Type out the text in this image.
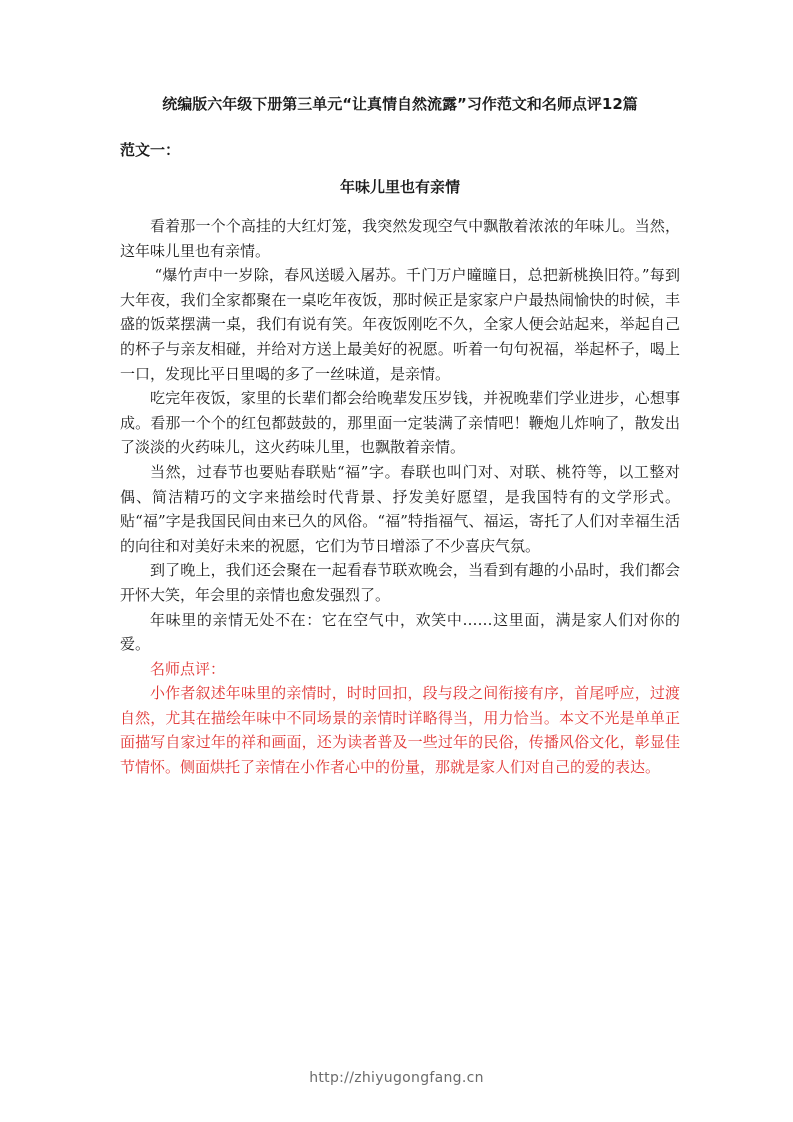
统编版六年级下册第三单元“让真情自然流露”习作范文和名师点评12篇
范文一：
年味儿里也有亲情

看着那一个个高挂的大红灯笼，我突然发现空气中飘散着浓浓的年味儿。当然，这年味儿里也有亲情。

“爆竹声中一岁除，春风送暖入屠苏。千门万户曈曈日，总把新桃换旧符。”每到大年夜，我们全家都聚在一桌吃年夜饭，那时候正是家家户户最热闹愉快的时候，丰盛的饭菜摆满一桌，我们有说有笑。年夜饭刚吃不久，全家人便会站起来，举起自己的杯子与亲友相碰，并给对方送上最美好的祝愿。听着一句句祝福，举起杯子，喝上一口，发现比平日里喝的多了一丝味道，是亲情。

吃完年夜饭，家里的长辈们都会给晚辈发压岁钱，并祝晚辈们学业进步，心想事成。看那一个个的红包都鼓鼓的，那里面一定装满了亲情吧！鞭炮儿炸响了，散发出了淡淡的火药味儿，这火药味儿里，也飘散着亲情。

当然，过春节也要贴春联贴“福”字。春联也叫门对、对联、桃符等，以工整对偶、简洁精巧的文字来描绘时代背景、抒发美好愿望，是我国特有的文学形式。贴“福”字是我国民间由来已久的风俗。“福”特指福气、福运，寄托了人们对幸福生活的向往和对美好未来的祝愿，它们为节日增添了不少喜庆气氛。

到了晚上，我们还会聚在一起看春节联欢晚会，当看到有趣的小品时，我们都会开怀大笑，年会里的亲情也愈发强烈了。

年味里的亲情无处不在：它在空气中，欢笑中……这里面，满是家人们对你的爱。

名师点评：

小作者叙述年味里的亲情时，时时回扣，段与段之间衔接有序，首尾呼应，过渡自然，尤其在描绘年味中不同场景的亲情时详略得当，用力恰当。本文不光是单单正面描写自家过年的祥和画面，还为读者普及一些过年的民俗，传播风俗文化，彰显佳节情怀。侧面烘托了亲情在小作者心中的份量，那就是家人们对自己的爱的表达。

http://zhiyugongfang.cn
